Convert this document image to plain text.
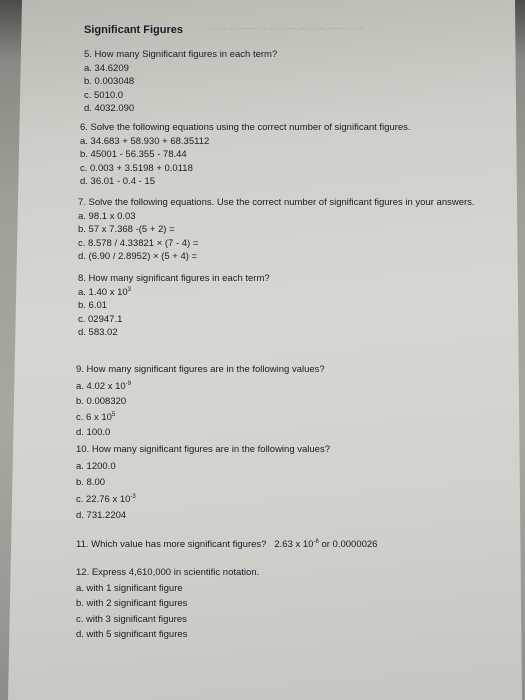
ꟷ ꟷ ꟷ ꟷ ꟷ ꟷ ꟷ ꟷ ꟷ ꟷ ꟷ ꟷ ꟷ ꟷ ꟷ ꟷ
Significant Figures
5. How many Significant figures in each term?
a. 34.6209
b. 0.003048
c. 5010.0
d. 4032.090
6. Solve the following equations using the correct number of significant figures.
a. 34.683 + 58.930 + 68.35112
b. 45001 - 56.355 - 78.44
c. 0.003 + 3.5198 + 0.0118
d. 36.01 - 0.4 - 15
7. Solve the following equations. Use the correct number of significant figures in your answers.
a. 98.1 x 0.03
b. 57 x 7.368 -(5 + 2) =
c. 8.578 / 4.33821 × (7 - 4) =
d. (6.90 / 2.8952) × (5 + 4) =
8. How many significant figures in each term?
a. 1.40 x $10^3$
b. 6.01
c. 02947.1
d. 583.02
9. How many significant figures are in the following values?
a. 4.02 x $10^{-9}$
b. 0.008320
c. 6 x $10^5$
d. 100.0
10. How many significant figures are in the following values?
a. 1200.0
b. 8.00
c. 22.76 x $10^{-3}$
d. 731.2204
11. Which value has more significant figures? 2.63 x $10^{-6}$ or 0.0000026
12. Express 4,610,000 in scientific notation.
a. with 1 significant figure
b. with 2 significant figures
c. with 3 significant figures
d. with 5 significant figures
